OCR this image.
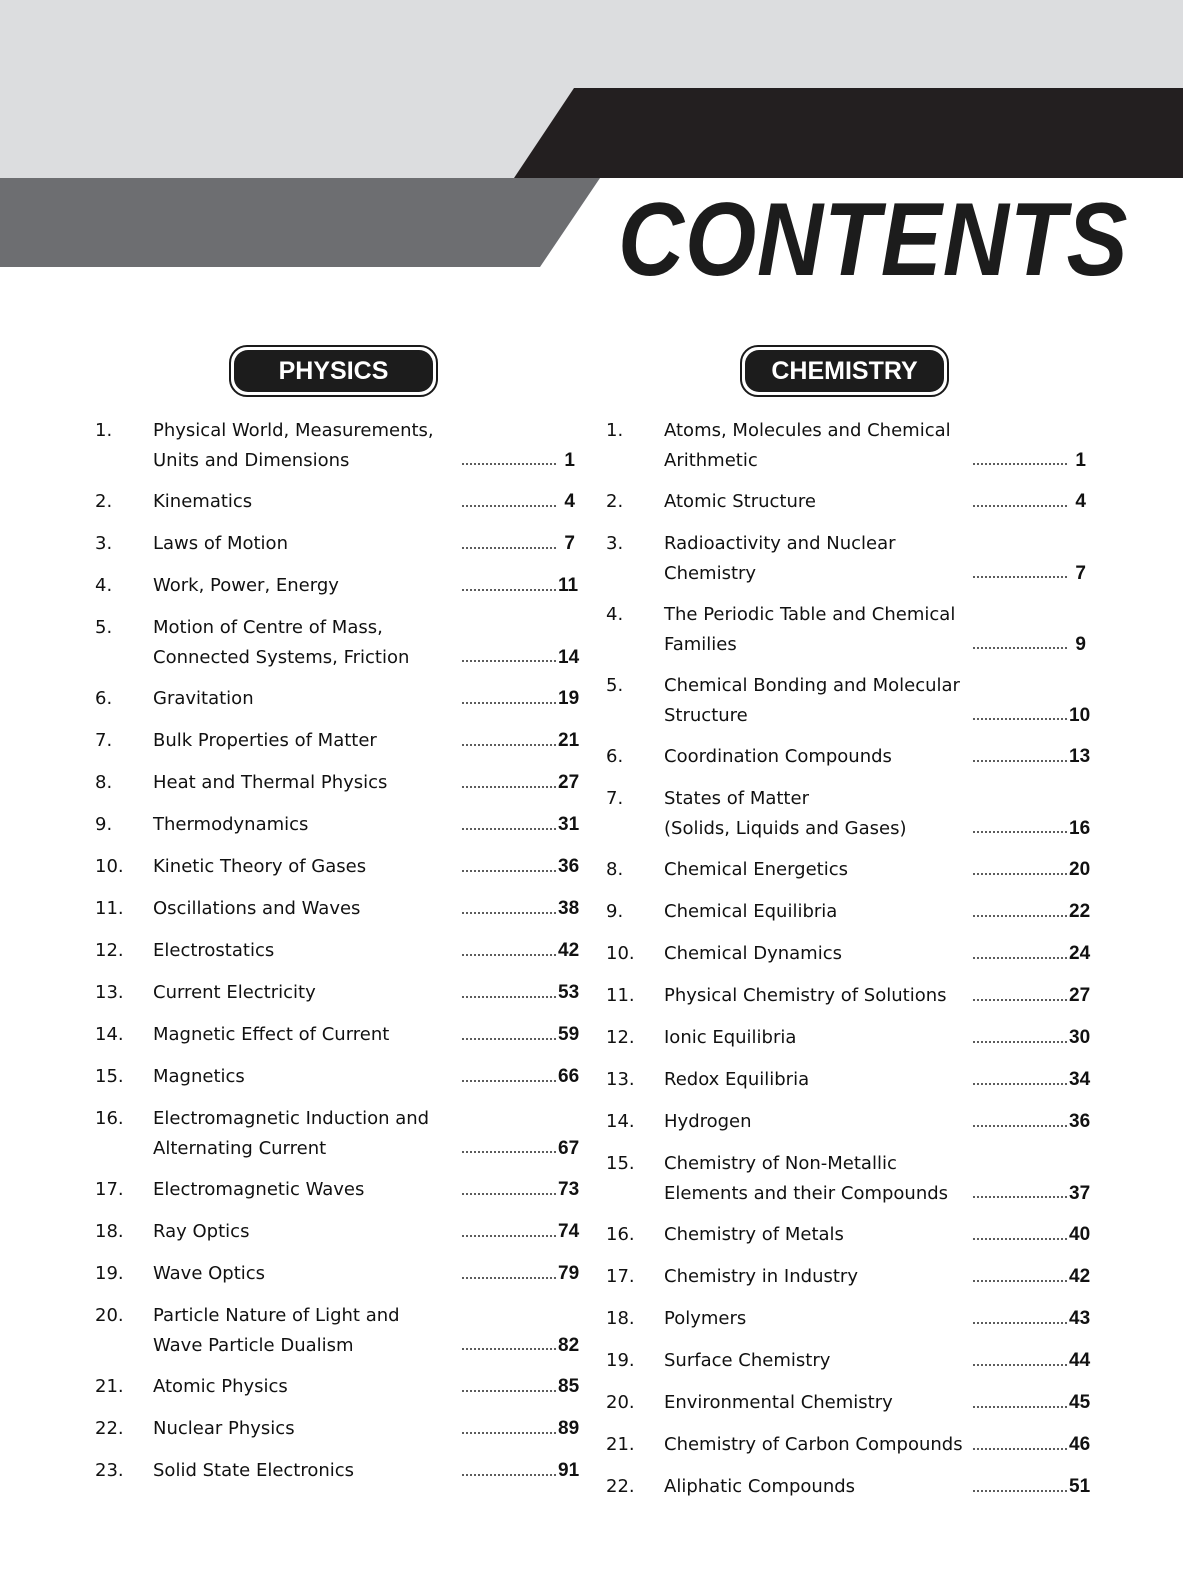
CONTENTS
PHYSICS	CHEMISTRY
1.	Physical World, Measurements,
Units and Dimensions	1
2.	Kinematics	4
3.	Laws of Motion	7
4.	Work, Power, Energy	11
5.	Motion of Centre of Mass,
Connected Systems, Friction	14
6.	Gravitation	19
7.	Bulk Properties of Matter	21
8.	Heat and Thermal Physics	27
9.	Thermodynamics	31
10.	Kinetic Theory of Gases	36
11.	Oscillations and Waves	38
12.	Electrostatics	42
13.	Current Electricity	53
14.	Magnetic Effect of Current	59
15.	Magnetics	66
16.	Electromagnetic Induction and
Alternating Current	67
17.	Electromagnetic Waves	73
18.	Ray Optics	74
19.	Wave Optics	79
20.	Particle Nature of Light and
Wave Particle Dualism	82
21.	Atomic Physics	85
22.	Nuclear Physics	89
23.	Solid State Electronics	91
1.	Atoms, Molecules and Chemical
Arithmetic	1
2.	Atomic Structure	4
3.	Radioactivity and Nuclear
Chemistry	7
4.	The Periodic Table and Chemical
Families	9
5.	Chemical Bonding and Molecular
Structure	10
6.	Coordination Compounds	13
7.	States of Matter
(Solids, Liquids and Gases)	16
8.	Chemical Energetics	20
9.	Chemical Equilibria	22
10.	Chemical Dynamics	24
11.	Physical Chemistry of Solutions	27
12.	Ionic Equilibria	30
13.	Redox Equilibria	34
14.	Hydrogen	36
15.	Chemistry of Non-Metallic
Elements and their Compounds	37
16.	Chemistry of Metals	40
17.	Chemistry in Industry	42
18.	Polymers	43
19.	Surface Chemistry	44
20.	Environmental Chemistry	45
21.	Chemistry of Carbon Compounds	46
22.	Aliphatic Compounds	51
